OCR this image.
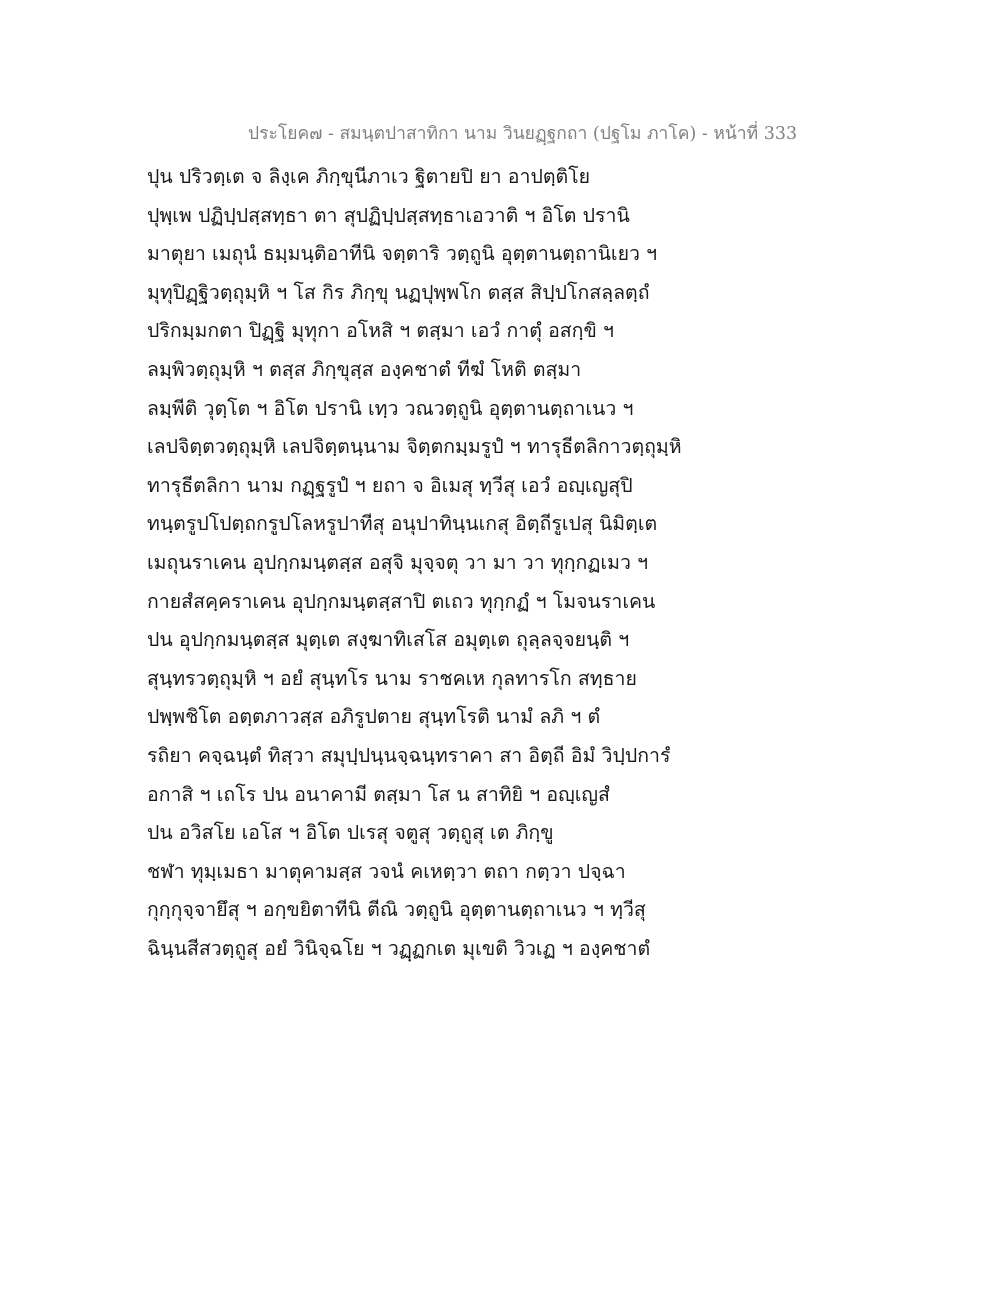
ประโยค๗ - สมนฺตปาสาทิกา นาม วินยฏฺฐกถา (ปฐโม ภาโค) - หน้าที่ 333
ปุน ปริวตฺเต จ ลิงฺเค ภิกฺขุนีภาเว ฐิตายปิ ยา อาปตฺติโย
ปุพฺเพ ปฏิปฺปสฺสทฺธา ตา สุปฏิปฺปสฺสทฺธาเอวาติ ฯ อิโต ปรานิ
มาตุยา เมถุนํ ธมฺมนฺติอาทีนิ จตฺตาริ วตฺถูนิ อุตฺตานตฺถานิเยว ฯ
มุทุปิฏฺฐิวตฺถุมฺหิ ฯ โส กิร ภิกฺขุ นฏปุพฺพโก ตสฺส สิปฺปโกสลฺลตฺถํ
ปริกมฺมกตา ปิฏฺฐิ มุทุกา อโหสิ ฯ ตสฺมา เอวํ กาตุํ อสกฺขิ ฯ
ลมฺพิวตฺถุมฺหิ ฯ ตสฺส ภิกฺขุสฺส องฺคชาตํ ทีฆํ โหติ ตสฺมา
ลมฺพีติ วุตฺโต ฯ อิโต ปรานิ เทฺว วณวตฺถูนิ อุตฺตานตฺถาเนว ฯ
เลปจิตฺตวตฺถุมฺหิ เลปจิตฺตนฺนาม จิตฺตกมฺมรูปํ ฯ ทารุธีตลิกาวตฺถุมฺหิ
ทารุธีตลิกา นาม กฏฺฐรูปํ ฯ ยถา จ อิเมสุ ทฺวีสุ เอวํ อญฺเญสุปิ
ทนฺตรูปโปตฺถกรูปโลหรูปาทีสุ อนุปาทินฺนเกสุ อิตฺถีรูเปสุ นิมิตฺเต
เมถุนราเคน อุปกฺกมนฺตสฺส อสุจิ มุจฺจตุ วา มา วา ทุกฺกฏเมว ฯ
กายสํสคฺคราเคน อุปกฺกมนฺตสฺสาปิ ตเถว ทุกฺกฏํ ฯ โมจนราเคน
ปน อุปกฺกมนฺตสฺส มุตฺเต สงฺฆาทิเสโส อมุตฺเต ถุลฺลจฺจยนฺติ ฯ
สุนฺทรวตฺถุมฺหิ ฯ อยํ สุนฺทโร นาม ราชคเห กุลทารโก สทฺธาย
ปพฺพชิโต อตฺตภาวสฺส อภิรูปตาย สุนฺทโรติ นามํ ลภิ ฯ ตํ
รถิยา คจฺฉนฺตํ ทิสฺวา สมุปฺปนฺนจฺฉนฺทราคา สา อิตฺถี อิมํ วิปฺปการํ
อกาสิ ฯ เถโร ปน อนาคามี ตสฺมา โส น สาทิยิ ฯ อญฺเญสํ
ปน อวิสโย เอโส ฯ อิโต ปเรสุ จตูสุ วตฺถูสุ เต ภิกฺขู
ชฬา ทุมฺเมธา มาตุคามสฺส วจนํ คเหตฺวา ตถา กตฺวา ปจฺฉา
กุกฺกุจฺจายึสุ ฯ อกฺขยิตาทีนิ ตีณิ วตฺถูนิ อุตฺตานตฺถาเนว ฯ ทฺวีสุ
ฉินฺนสีสวตฺถูสุ อยํ วินิจฺฉโย ฯ วฏฺฏกเต มุเขติ วิวเฏ ฯ องฺคชาตํ
